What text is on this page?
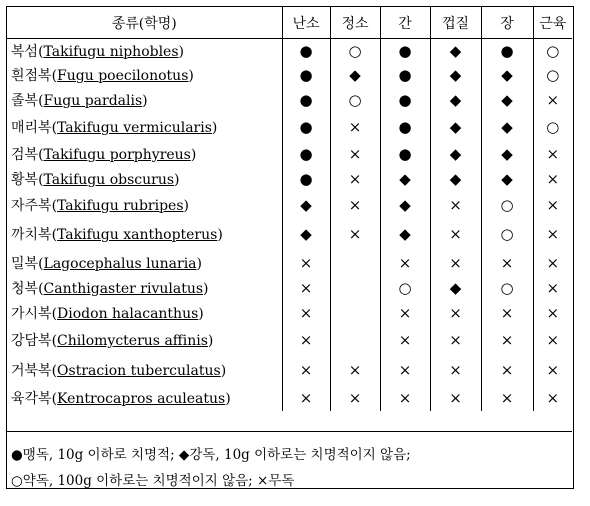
종류(학명)	난소	정소	간	껍질	장	근육
복섬(Takifugu niphobles)	●	○	●	◆	●	○
흰점복(Fugu poecilonotus)	●	◆	●	◆	◆	○
졸복(Fugu pardalis)	●	○	●	◆	◆	×
매리복(Takifugu vermicularis)	●	×	●	◆	◆	○
검복(Takifugu porphyreus)	●	×	●	◆	◆	×
황복(Takifugu obscurus)	●	×	◆	◆	◆	×
자주복(Takifugu rubripes)	◆	×	◆	×	○	×
까치복(Takifugu xanthopterus)	◆	×	◆	×	○	×
밀복(Lagocephalus lunaria)	×		×	×	×	×
청복(Canthigaster rivulatus)	×		○	◆	○	×
가시복(Diodon halacanthus)	×		×	×	×	×
강담복(Chilomycterus affinis)	×		×	×	×	×
거북복(Ostracion tuberculatus)	×	×	×	×	×	×
육각복(Kentrocapros aculeatus)	×	×	×	×	×	×
●맹독, 10g 이하로 치명적; ◆강독, 10g 이하로는 치명적이지 않음;
○약독, 100g 이하로는 치명적이지 않음; ×무독
